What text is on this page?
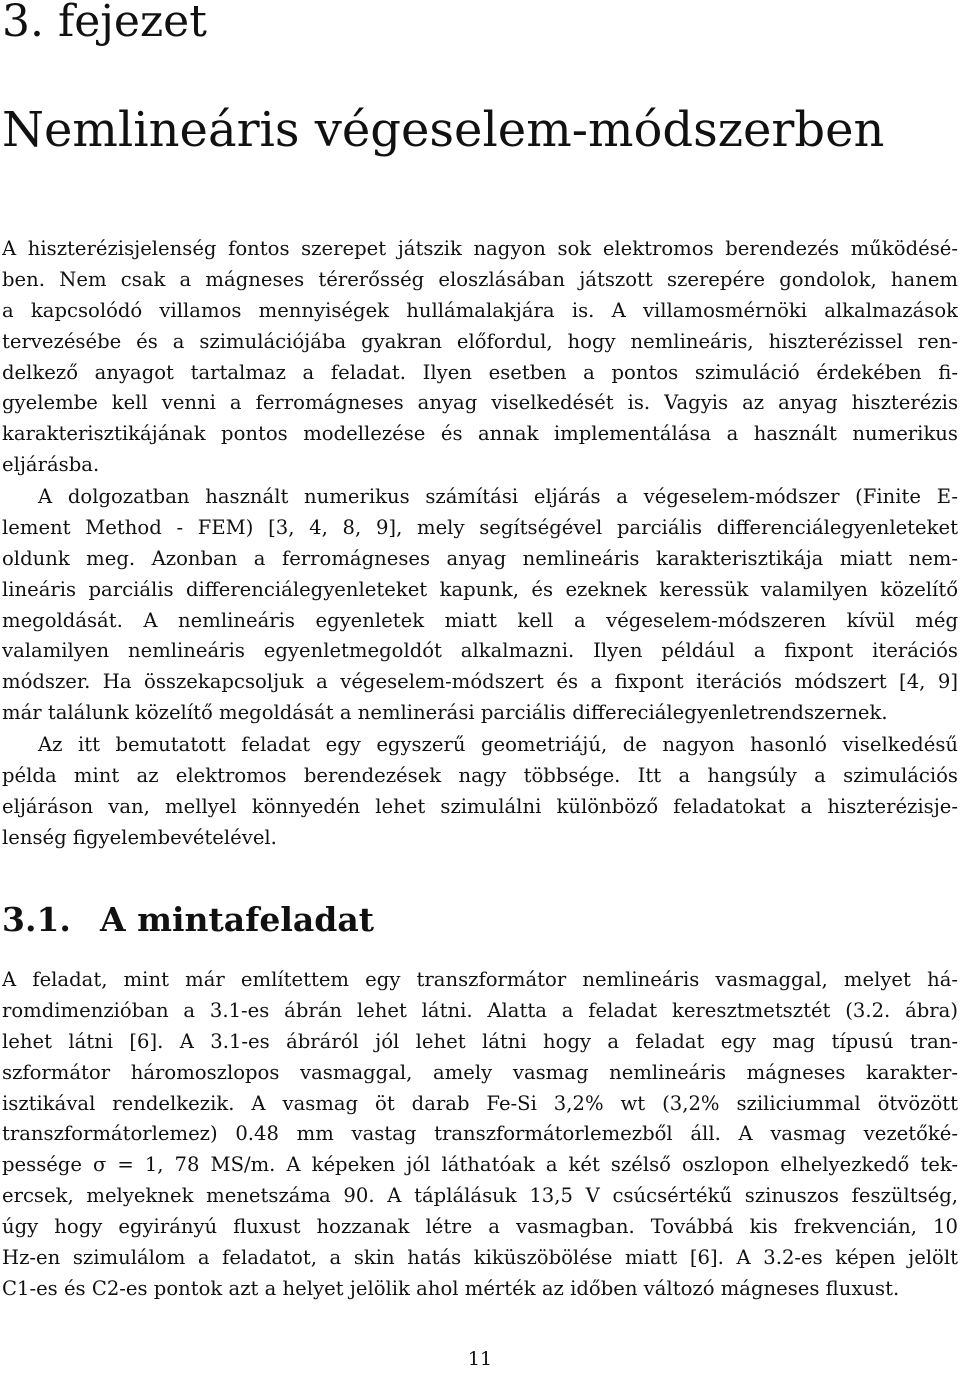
3. fejezet
Nemlineáris végeselem-módszerben
A hiszterézisjelenség fontos szerepet játszik nagyon sok elektromos berendezés működésé-
ben. Nem csak a mágneses térerősség eloszlásában játszott szerepére gondolok, hanem
a kapcsolódó villamos mennyiségek hullámalakjára is. A villamosmérnöki alkalmazások
tervezésébe és a szimulációjába gyakran előfordul, hogy nemlineáris, hiszterézissel ren-
delkező anyagot tartalmaz a feladat. Ilyen esetben a pontos szimuláció érdekében fi-
gyelembe kell venni a ferromágneses anyag viselkedését is. Vagyis az anyag hiszterézis
karakterisztikájának pontos modellezése és annak implementálása a használt numerikus
eljárásba.
A dolgozatban használt numerikus számítási eljárás a végeselem-módszer (Finite E-
lement Method - FEM) [3, 4, 8, 9], mely segítségével parciális differenciálegyenleteket
oldunk meg. Azonban a ferromágneses anyag nemlineáris karakterisztikája miatt nem-
lineáris parciális differenciálegyenleteket kapunk, és ezeknek keressük valamilyen közelítő
megoldását. A nemlineáris egyenletek miatt kell a végeselem-módszeren kívül még
valamilyen nemlineáris egyenletmegoldót alkalmazni. Ilyen például a fixpont iterációs
módszer. Ha összekapcsoljuk a végeselem-módszert és a fixpont iterációs módszert [4, 9]
már találunk közelítő megoldását a nemlinerási parciális differeciálegyenletrendszernek.
Az itt bemutatott feladat egy egyszerű geometriájú, de nagyon hasonló viselkedésű
példa mint az elektromos berendezések nagy többsége. Itt a hangsúly a szimulációs
eljáráson van, mellyel könnyedén lehet szimulálni különböző feladatokat a hiszterézisje-
lenség figyelembevételével.
3.1. A mintafeladat
A feladat, mint már említettem egy transzformátor nemlineáris vasmaggal, melyet há-
romdimenzióban a 3.1-es ábrán lehet látni. Alatta a feladat keresztmetsztét (3.2. ábra)
lehet látni [6]. A 3.1-es ábráról jól lehet látni hogy a feladat egy mag típusú tran-
szformátor háromoszlopos vasmaggal, amely vasmag nemlineáris mágneses karakter-
isztikával rendelkezik. A vasmag öt darab Fe-Si 3,2% wt (3,2% sziliciummal ötvözött
transzformátorlemez) 0.48 mm vastag transzformátorlemezből áll. A vasmag vezetőké-
pessége σ = 1, 78 MS/m. A képeken jól láthatóak a két szélső oszlopon elhelyezkedő tek-
ercsek, melyeknek menetszáma 90. A táplálásuk 13,5 V csúcsértékű szinuszos feszültség,
úgy hogy egyirányú fluxust hozzanak létre a vasmagban. Továbbá kis frekvencián, 10
Hz-en szimulálom a feladatot, a skin hatás kiküszöbölése miatt [6]. A 3.2-es képen jelölt
C1-es és C2-es pontok azt a helyet jelölik ahol mérték az időben változó mágneses fluxust.
11
